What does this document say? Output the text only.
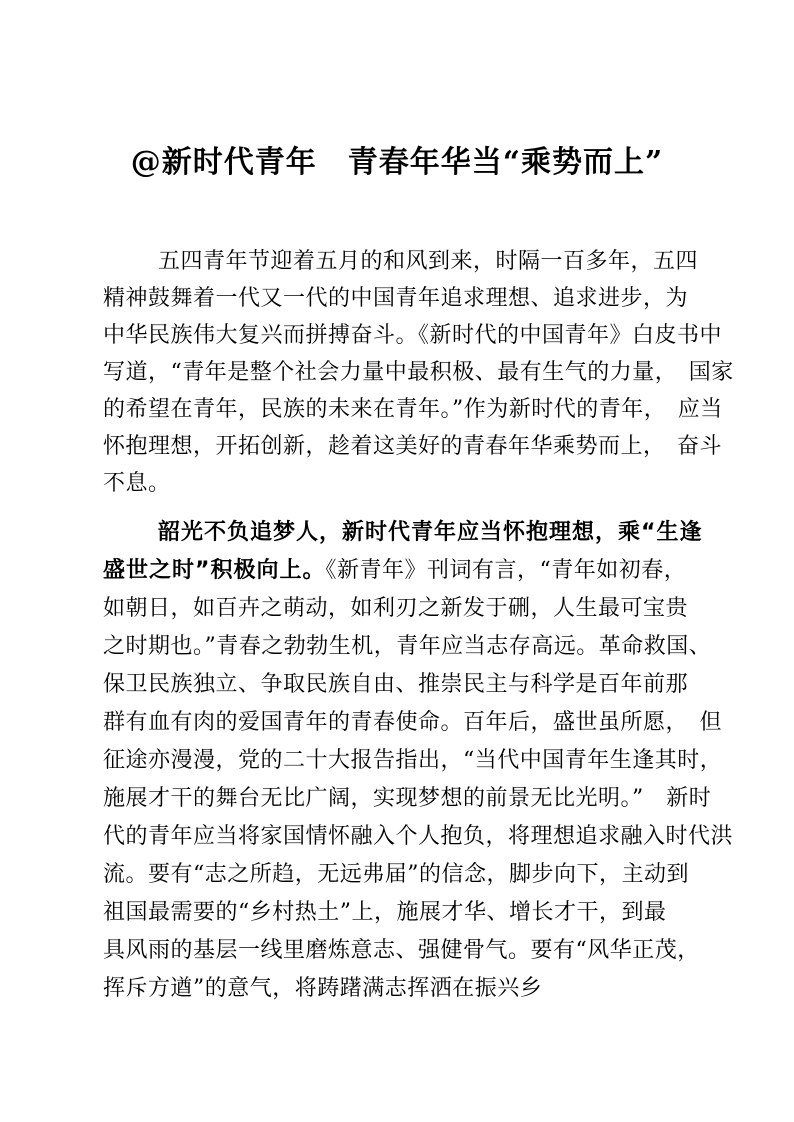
@新时代青年　青春年华当“乘势而上”
五四青年节迎着五月的和风到来，时隔一百多年，五四
精神鼓舞着一代又一代的中国青年追求理想、追求进步，为
中华民族伟大复兴而拼搏奋斗。《新时代的中国青年》白皮书中
写道，“青年是整个社会力量中最积极、最有生气的力量，　国家
的希望在青年，民族的未来在青年。”作为新时代的青年，　应当
怀抱理想，开拓创新，趁着这美好的青春年华乘势而上，　奋斗
不息。
韶光不负追梦人，新时代青年应当怀抱理想，乘“生逢
盛世之时”积极向上。《新青年》刊词有言，“青年如初春，
如朝日，如百卉之萌动，如利刃之新发于硎，人生最可宝贵
之时期也。”青春之勃勃生机，青年应当志存高远。革命救国、
保卫民族独立、争取民族自由、推崇民主与科学是百年前那
群有血有肉的爱国青年的青春使命。百年后，盛世虽所愿，　但
征途亦漫漫，党的二十大报告指出，“当代中国青年生逢其时，
施展才干的舞台无比广阔，实现梦想的前景无比光明。”　新时
代的青年应当将家国情怀融入个人抱负，将理想追求融入时代洪
流。要有“志之所趋，无远弗届”的信念，脚步向下，主动到
祖国最需要的“乡村热土”上，施展才华、增长才干，到最
具风雨的基层一线里磨炼意志、强健骨气。要有“风华正茂，
挥斥方遒”的意气，将踌躇满志挥洒在振兴乡
